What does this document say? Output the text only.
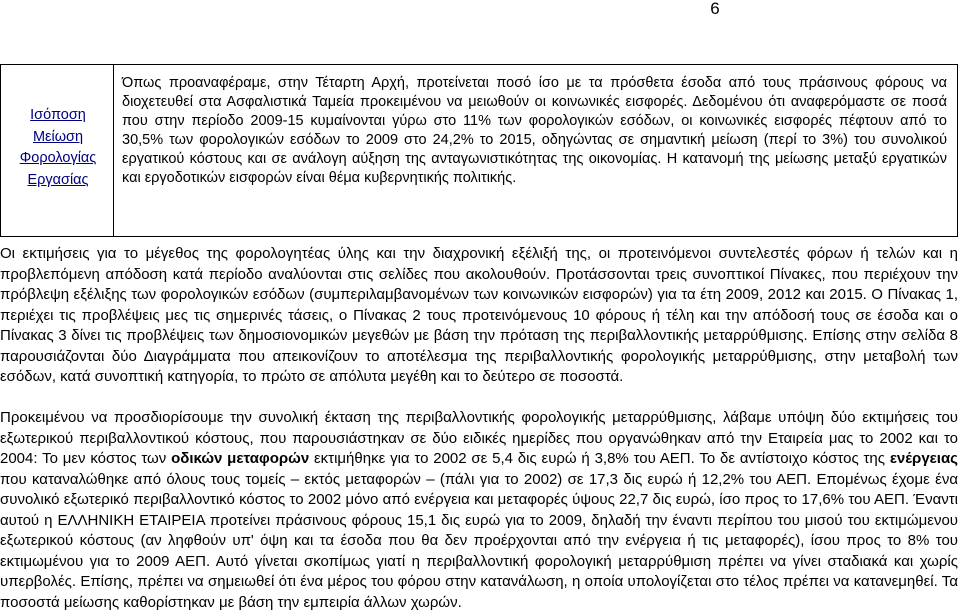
6
Ισόποση
Μείωση
Φορολογίας
Εργασίας
Όπως προαναφέραμε, στην Τέταρτη Αρχή, προτείνεται ποσό ίσο με τα πρόσθετα έσοδα από τους πράσινους φόρους να διοχετευθεί στα Ασφαλιστικά Ταμεία προκειμένου να μειωθούν οι κοινωνικές εισφορές. Δεδομένου ότι αναφερόμαστε σε ποσά που στην περίοδο 2009-15 κυμαίνονται γύρω στο 11% των φορολογικών εσόδων, οι κοινωνικές εισφορές πέφτουν από το 30,5% των φορολογικών εσόδων το 2009 στο 24,2% το 2015, οδηγώντας σε σημαντική μείωση (περί το 3%) του συνολικού εργατικού κόστους και σε ανάλογη αύξηση της ανταγωνιστικότητας της οικονομίας. Η κατανομή της μείωσης μεταξύ εργατικών και εργοδοτικών εισφορών είναι θέμα κυβερνητικής πολιτικής.
Οι εκτιμήσεις για το μέγεθος της φορολογητέας ύλης και την διαχρονική εξέλιξή της, οι προτεινόμενοι συντελεστές φόρων ή τελών και η προβλεπόμενη απόδοση κατά περίοδο αναλύονται στις σελίδες που ακολουθούν. Προτάσσονται τρεις συνοπτικοί Πίνακες, που περιέχουν την πρόβλεψη εξέλιξης των φορολογικών εσόδων (συμπεριλαμβανομένων των κοινωνικών εισφορών) για τα έτη 2009, 2012 και 2015. Ο Πίνακας 1, περιέχει τις προβλέψεις μες τις σημερινές τάσεις, ο Πίνακας 2 τους προτεινόμενους 10 φόρους ή τέλη και την απόδοσή τους σε έσοδα και ο Πίνακας 3 δίνει τις προβλέψεις των δημοσιονομικών μεγεθών με βάση την πρόταση της περιβαλλοντικής μεταρρύθμισης. Επίσης στην σελίδα 8 παρουσιάζονται δύο Διαγράμματα που απεικονίζουν το αποτέλεσμα της περιβαλλοντικής φορολογικής μεταρρύθμισης, στην μεταβολή των εσόδων, κατά συνοπτική κατηγορία, το πρώτο σε απόλυτα μεγέθη και το δεύτερο σε ποσοστά.
Προκειμένου να προσδιορίσουμε την συνολική έκταση της περιβαλλοντικής φορολογικής μεταρρύθμισης, λάβαμε υπόψη δύο εκτιμήσεις του εξωτερικού περιβαλλοντικού κόστους, που παρουσιάστηκαν σε δύο ειδικές ημερίδες που οργανώθηκαν από την Εταιρεία μας το 2002 και το 2004: Το μεν κόστος των οδικών μεταφορών εκτιμήθηκε για το 2002 σε 5,4 δις ευρώ ή 3,8% του ΑΕΠ. Το δε αντίστοιχο κόστος της ενέργειας που καταναλώθηκε από όλους τους τομείς – εκτός μεταφορών – (πάλι για το 2002) σε 17,3 δις ευρώ ή 12,2% του ΑΕΠ. Επομένως έχομε ένα συνολικό εξωτερικό περιβαλλοντικό κόστος το 2002 μόνο από ενέργεια και μεταφορές ύψους 22,7 δις ευρώ, ίσο προς το 17,6% του ΑΕΠ. Έναντι αυτού η ΕΛΛΗΝΙΚΗ ΕΤΑΙΡΕΙΑ προτείνει πράσινους φόρους 15,1 δις ευρώ για το 2009, δηλαδή την έναντι περίπου του μισού του εκτιμώμενου εξωτερικού κόστους (αν ληφθούν υπ' όψη και τα έσοδα που θα δεν προέρχονται από την ενέργεια ή τις μεταφορές), ίσου προς το 8% του εκτιμωμένου για το 2009 ΑΕΠ. Αυτό γίνεται σκοπίμως γιατί η περιβαλλοντική φορολογική μεταρρύθμιση πρέπει να γίνει σταδιακά και χωρίς υπερβολές. Επίσης, πρέπει να σημειωθεί ότι ένα μέρος του φόρου στην κατανάλωση, η οποία υπολογίζεται στο τέλος πρέπει να κατανεμηθεί. Τα ποσοστά μείωσης καθορίστηκαν με βάση την εμπειρία άλλων χωρών.
